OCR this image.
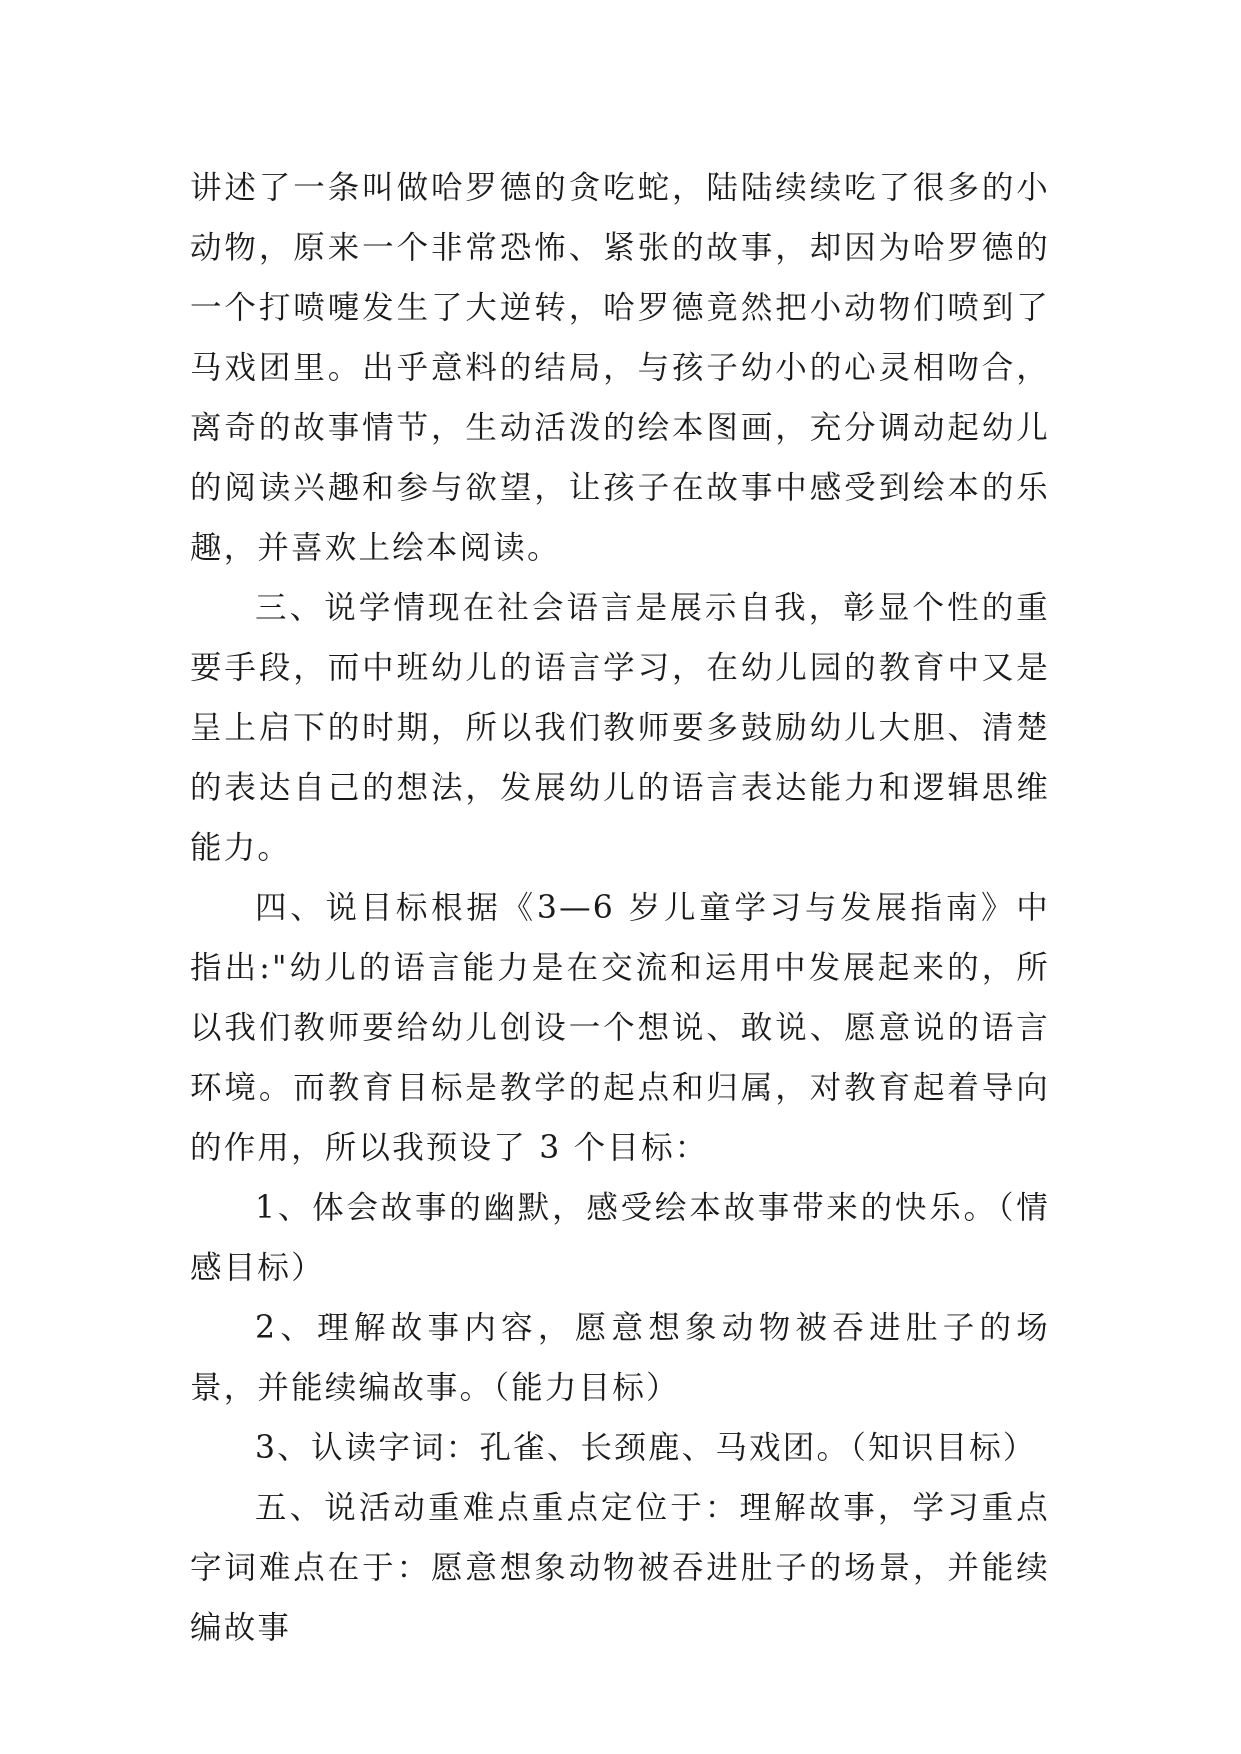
讲述了一条叫做哈罗德的贪吃蛇，陆陆续续吃了很多的小动物，原来一个非常恐怖、紧张的故事，却因为哈罗德的一个打喷嚏发生了大逆转，哈罗德竟然把小动物们喷到了马戏团里。出乎意料的结局，与孩子幼小的心灵相吻合，离奇的故事情节，生动活泼的绘本图画，充分调动起幼儿的阅读兴趣和参与欲望，让孩子在故事中感受到绘本的乐趣，并喜欢上绘本阅读。

三、说学情现在社会语言是展示自我，彰显个性的重要手段，而中班幼儿的语言学习，在幼儿园的教育中又是呈上启下的时期，所以我们教师要多鼓励幼儿大胆、清楚的表达自己的想法，发展幼儿的语言表达能力和逻辑思维能力。

四、说目标根据《3—6 岁儿童学习与发展指南》中指出:"幼儿的语言能力是在交流和运用中发展起来的，所以我们教师要给幼儿创设一个想说、敢说、愿意说的语言环境。而教育目标是教学的起点和归属，对教育起着导向的作用，所以我预设了 3 个目标：

1、体会故事的幽默，感受绘本故事带来的快乐。（情感目标）

2、理解故事内容，愿意想象动物被吞进肚子的场景，并能续编故事。（能力目标）

3、认读字词：孔雀、长颈鹿、马戏团。（知识目标）

五、说活动重难点重点定位于：理解故事，学习重点字词难点在于：愿意想象动物被吞进肚子的场景，并能续编故事
